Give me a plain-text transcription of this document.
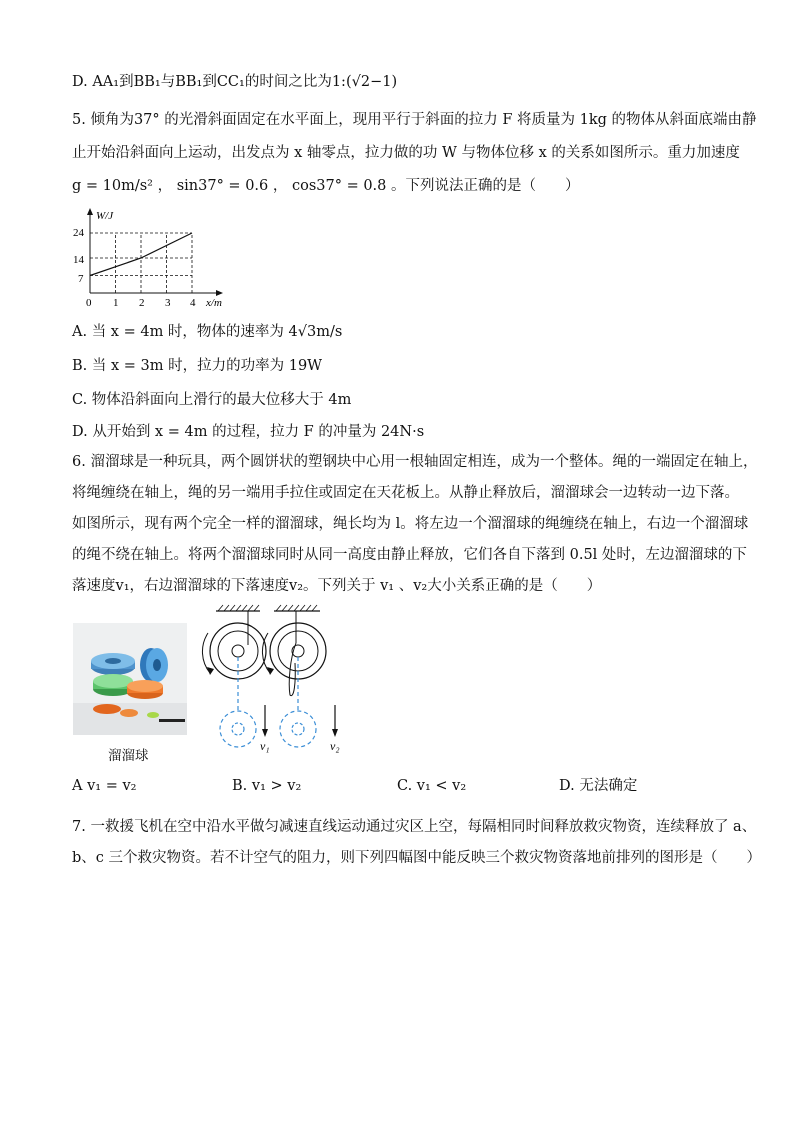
D. AA₁到BB₁与BB₁到CC₁的时间之比为1:(√2−1)
5. 倾角为37° 的光滑斜面固定在水平面上，现用平行于斜面的拉力 F 将质量为 1kg 的物体从斜面底端由静
止开始沿斜面向上运动，出发点为 x 轴零点，拉力做的功 W 与物体位移 x 的关系如图所示。重力加速度
g = 10m/s² ， sin37° = 0.6 ， cos37° = 0.8 。下列说法正确的是（　　）
W/J
x/m
24
14
7
0 1 2 3 4
A. 当 x = 4m 时，物体的速率为 4√3m/s
B. 当 x = 3m 时，拉力的功率为 19W
C. 物体沿斜面向上滑行的最大位移大于 4m
D. 从开始到 x = 4m 的过程，拉力 F 的冲量为 24N·s
6. 溜溜球是一种玩具，两个圆饼状的塑钢块中心用一根轴固定相连，成为一个整体。绳的一端固定在轴上，
将绳缠绕在轴上，绳的另一端用手拉住或固定在天花板上。从静止释放后，溜溜球会一边转动一边下落。
如图所示，现有两个完全一样的溜溜球，绳长均为 l。将左边一个溜溜球的绳缠绕在轴上，右边一个溜溜球
的绳不绕在轴上。将两个溜溜球同时从同一高度由静止释放，它们各自下落到 0.5l 处时，左边溜溜球的下
落速度v₁，右边溜溜球的下落速度v₂。下列关于 v₁ 、v₂大小关系正确的是（　　）
溜溜球
v₁	v₂
A v₁ = v₂	B. v₁ > v₂	C. v₁ < v₂	D. 无法确定
7. 一救援飞机在空中沿水平做匀减速直线运动通过灾区上空，每隔相同时间释放救灾物资，连续释放了 a、
b、c 三个救灾物资。若不计空气的阻力，则下列四幅图中能反映三个救灾物资落地前排列的图形是（　　）
